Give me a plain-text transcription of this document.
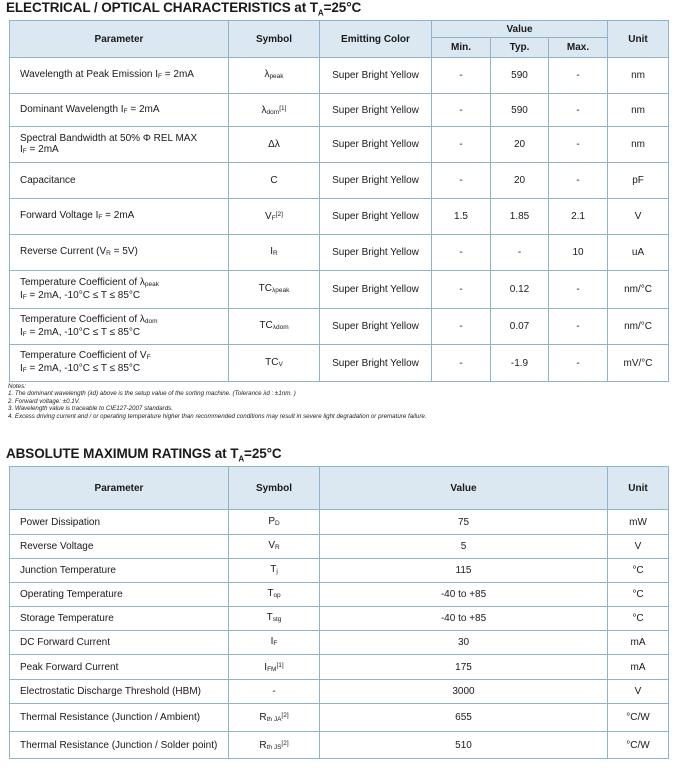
ELECTRICAL / OPTICAL CHARACTERISTICS at $T_A=25^\circ C$
Parameter	Symbol	Emitting Color	Value			Unit
			Min.	Typ.	Max.	

Wavelength at Peak Emission IF = 2mA	λpeak	Super Bright Yellow	-	590	-	nm

Dominant Wavelength IF = 2mA	λdom[1]	Super Bright Yellow	-	590	-	nm

Spectral Bandwidth at 50% Φ REL MAX
IF = 2mA	Δλ	Super Bright Yellow	-	20	-	nm

Capacitance	C	Super Bright Yellow	-	20	-	pF

Forward Voltage IF = 2mA	VF[2]	Super Bright Yellow	1.5	1.85	2.1	V

Reverse Current (VR = 5V)	IR	Super Bright Yellow	-	-	10	uA

Temperature Coefficient of λpeak
IF = 2mA, -10°C ≤ T ≤ 85°C	TCλpeak	Super Bright Yellow	-	0.12	-	nm/°C

Temperature Coefficient of λdom
IF = 2mA, -10°C ≤ T ≤ 85°C	TCλdom	Super Bright Yellow	-	0.07	-	nm/°C

Temperature Coefficient of VF
IF = 2mA, -10°C ≤ T ≤ 85°C	TCV	Super Bright Yellow	-	-1.9	-	mV/°C
Notes:
1. The dominant wavelength (λd) above is the setup value of the sorting machine. (Tolerance λd : ±1nm. )
2. Forward voltage: ±0.1V.
3. Wavelength value is traceable to CIE127-2007 standards.
4. Excess driving current and / or operating temperature higher than recommended conditions may result in severe light degradation or premature failure.
ABSOLUTE MAXIMUM RATINGS at $T_A=25^\circ C$
Parameter	Symbol	Value	Unit
Power Dissipation	PD	75	mW
Reverse Voltage	VR	5	V
Junction Temperature	Tj	115	°C
Operating Temperature	Top	-40 to +85	°C
Storage Temperature	Tstg	-40 to +85	°C
DC Forward Current	IF	30	mA
Peak Forward Current	IFM[1]	175	mA
Electrostatic Discharge Threshold (HBM)	-	3000	V
Thermal Resistance (Junction / Ambient)	Rth JA[2]	655	°C/W
Thermal Resistance (Junction / Solder point)	Rth JS[2]	510	°C/W
